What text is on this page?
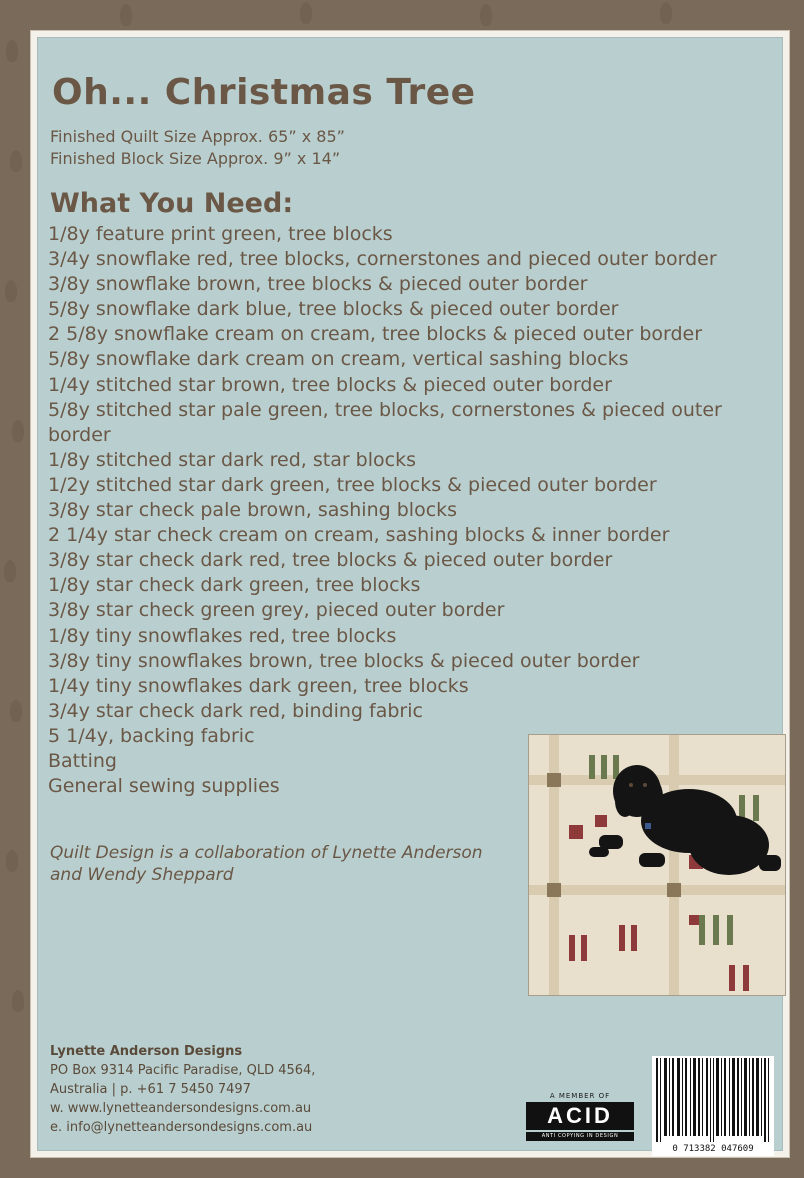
Oh... Christmas Tree
Finished Quilt Size Approx. 65” x 85”
Finished Block Size Approx. 9” x 14”
What You Need:
1/8y feature print green, tree blocks
3/4y snowflake red, tree blocks, cornerstones and pieced outer border
3/8y snowflake brown, tree blocks & pieced outer border
5/8y snowflake dark blue, tree blocks & pieced outer border
2 5/8y snowflake cream on cream, tree blocks & pieced outer border
5/8y snowflake dark cream on cream, vertical sashing blocks
1/4y stitched star brown, tree blocks & pieced outer border
5/8y stitched star pale green, tree blocks, cornerstones & pieced outer
border
1/8y stitched star dark red, star blocks
1/2y stitched star dark green, tree blocks & pieced outer border
3/8y star check pale brown, sashing blocks
2 1/4y star check cream on cream, sashing blocks & inner border
3/8y star check dark red, tree blocks & pieced outer border
1/8y star check dark green, tree blocks
3/8y star check green grey, pieced outer border
1/8y tiny snowflakes red, tree blocks
3/8y tiny snowflakes brown, tree blocks & pieced outer border
1/4y tiny snowflakes dark green, tree blocks
3/4y star check dark red, binding fabric
5 1/4y, backing fabric
Batting
General sewing supplies
Quilt Design is a collaboration of Lynette Anderson
and Wendy Sheppard
Lynette Anderson Designs
PO Box 9314 Pacific Paradise, QLD 4564,
Australia | p. +61 7 5450 7497
w. www.lynetteandersondesigns.com.au
e. info@lynetteandersondesigns.com.au
A MEMBER OF
ACID
ANTI COPYING IN DESIGN
0 713382 047609
